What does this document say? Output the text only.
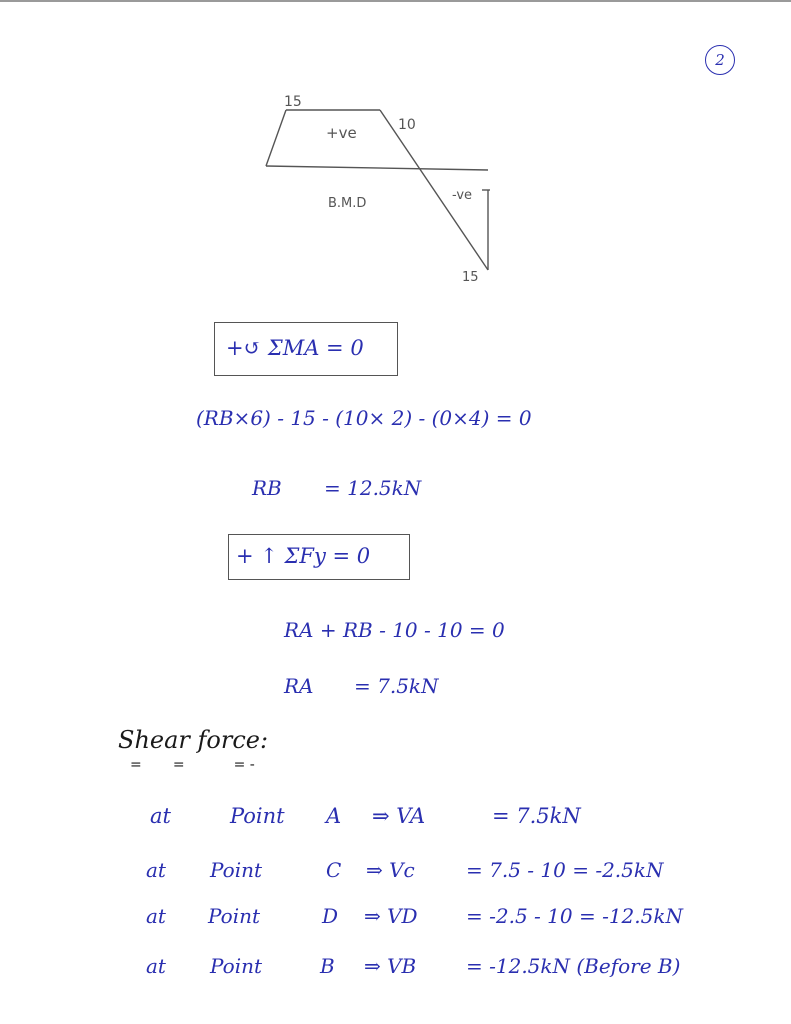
2
15
10
+ve
-ve
B.M.D
15
+↺ ΣMA = 0
(RB×6) - 15 - (10× 2) - (0×4) = 0
RB = 12.5kN
+ ↑ ΣFy = 0
RA + RB - 10 - 10 = 0
RA = 7.5kN
Shear force:
=       =           = -
at	Point A ⇒ VA	= 7.5kN
at Point	C ⇒ Vc	= 7.5 - 10 = -2.5kN
at Point	D ⇒ VD = -2.5 - 10 = -12.5kN
at Point	B ⇒ VB = -12.5kN (Before B)
